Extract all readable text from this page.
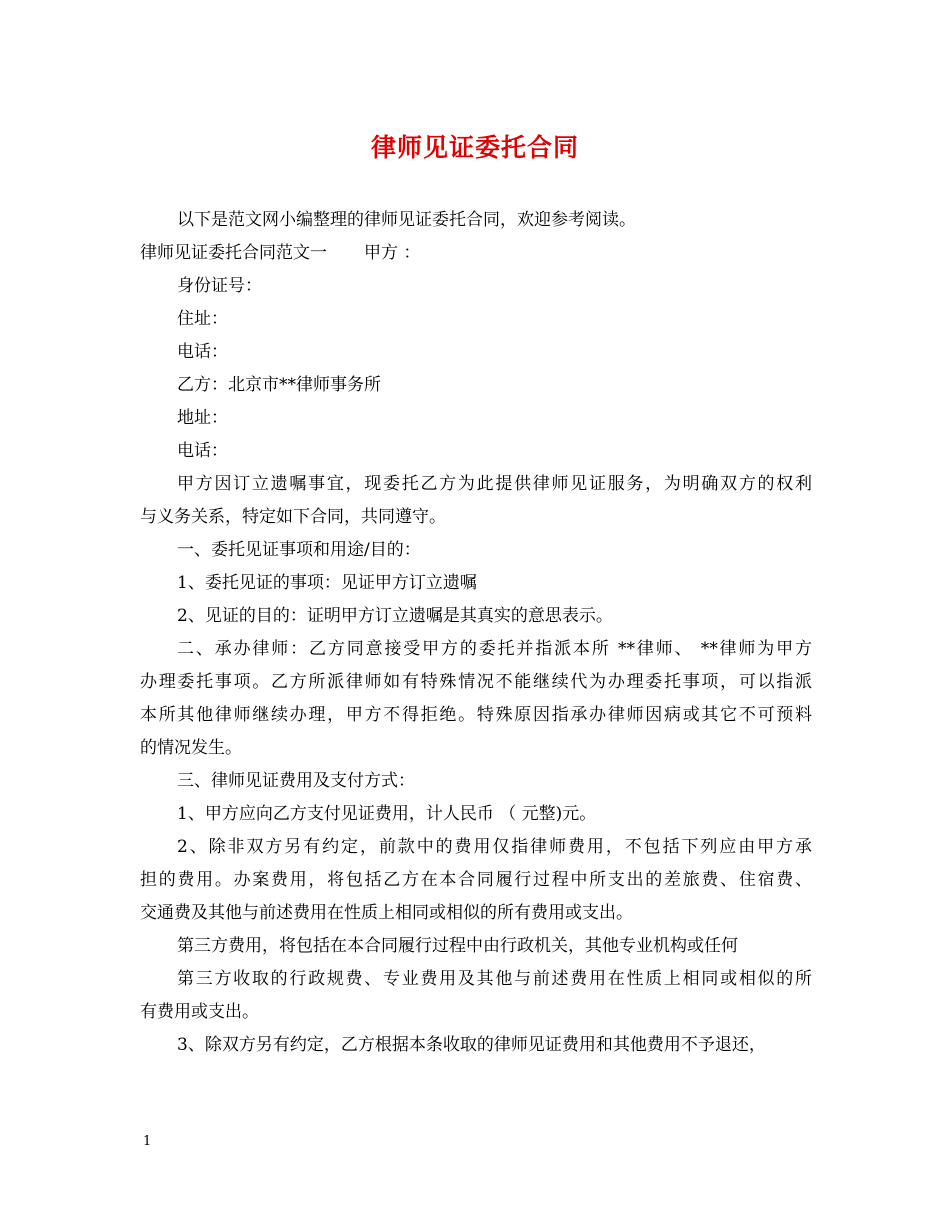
律师见证委托合同
以下是范文网小编整理的律师见证委托合同，欢迎参考阅读。
律师见证委托合同范文一 甲方 ：
身份证号：
住址：
电话：
乙方：北京市**律师事务所
地址：
电话：
甲方因订立遗嘱事宜，现委托乙方为此提供律师见证服务，为明确双方的权利
与义务关系，特定如下合同，共同遵守。
一、委托见证事项和用途/目的：
1、委托见证的事项：见证甲方订立遗嘱
2、见证的目的：证明甲方订立遗嘱是其真实的意思表示。
二、承办律师：乙方同意接受甲方的委托并指派本所 **律师、 **律师为甲方
办理委托事项。乙方所派律师如有特殊情况不能继续代为办理委托事项，可以指派
本所其他律师继续办理，甲方不得拒绝。特殊原因指承办律师因病或其它不可预料
的情况发生。
三、律师见证费用及支付方式：
1、甲方应向乙方支付见证费用，计人民币 （ 元整)元。
2、除非双方另有约定，前款中的费用仅指律师费用，不包括下列应由甲方承
担的费用。办案费用，将包括乙方在本合同履行过程中所支出的差旅费、住宿费、
交通费及其他与前述费用在性质上相同或相似的所有费用或支出。
第三方费用，将包括在本合同履行过程中由行政机关，其他专业机构或任何
第三方收取的行政规费、专业费用及其他与前述费用在性质上相同或相似的所
有费用或支出。
3、除双方另有约定，乙方根据本条收取的律师见证费用和其他费用不予退还，
1
